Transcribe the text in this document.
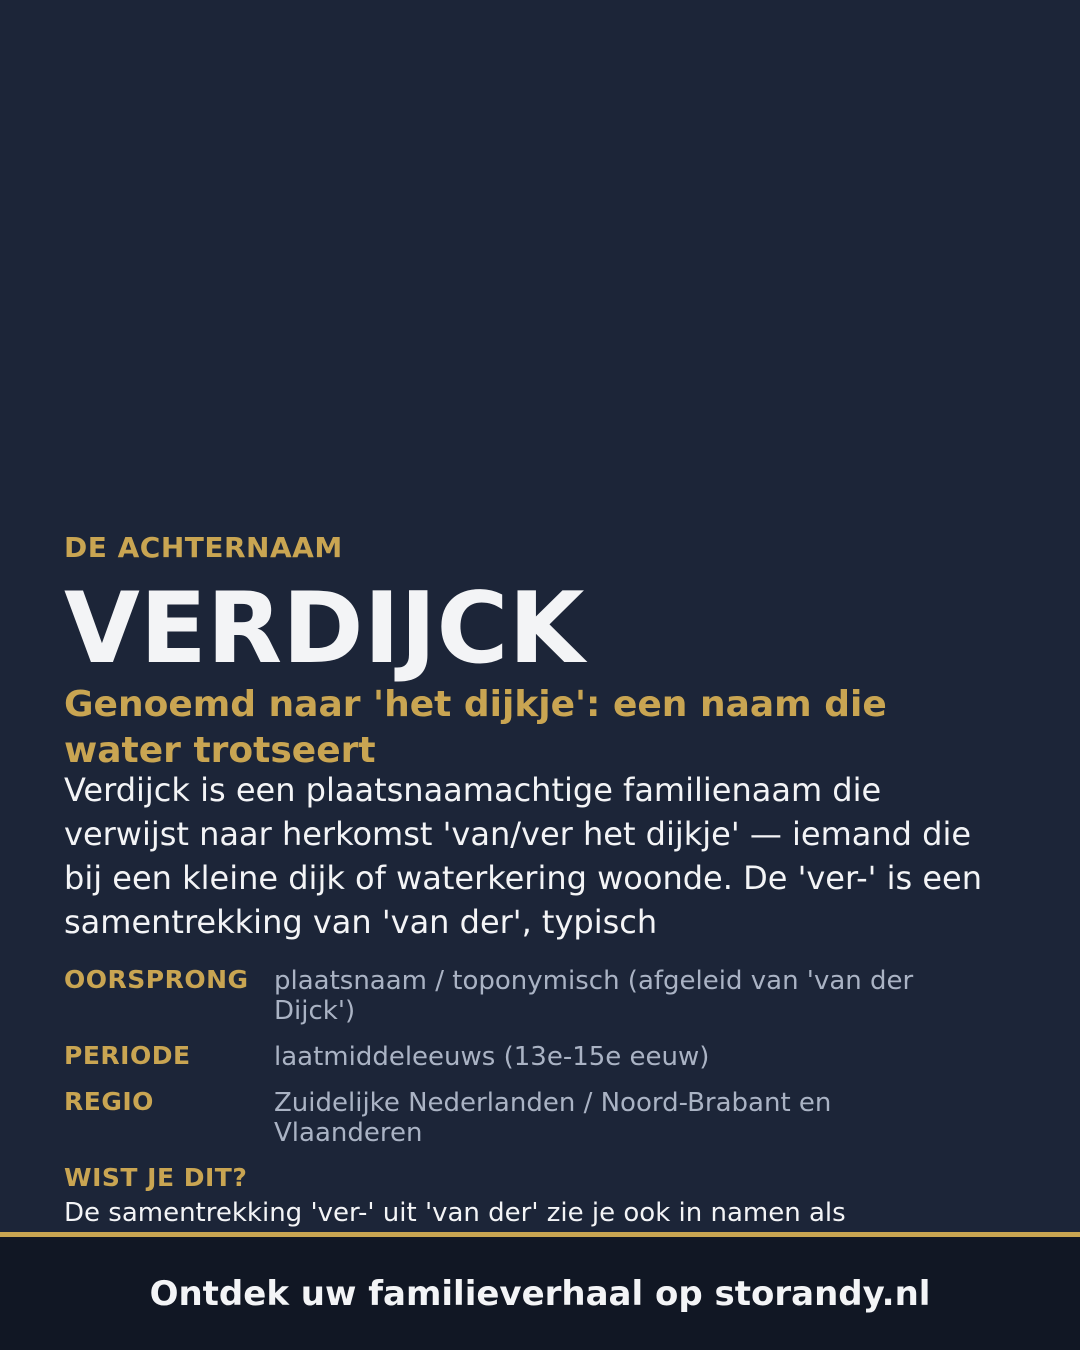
DE ACHTERNAAM
VERDIJCK
Genoemd naar 'het dijkje': een naam die water trotseert
Verdijck is een plaatsnaamachtige familienaam die verwijst naar herkomst 'van/ver het dijkje' — iemand die bij een kleine dijk of waterkering woonde. De 'ver-' is een samentrekking van 'van der', typisch
OORSPRONG plaatsnaam / toponymisch (afgeleid van 'van der Dijck')
PERIODE	laatmiddeleeuws (13e-15e eeuw)
REGIO	Zuidelijke Nederlanden / Noord-Brabant en Vlaanderen
WIST JE DIT?
De samentrekking 'ver-' uit 'van der' zie je ook in namen als
Ontdek uw familieverhaal op storandy.nl
